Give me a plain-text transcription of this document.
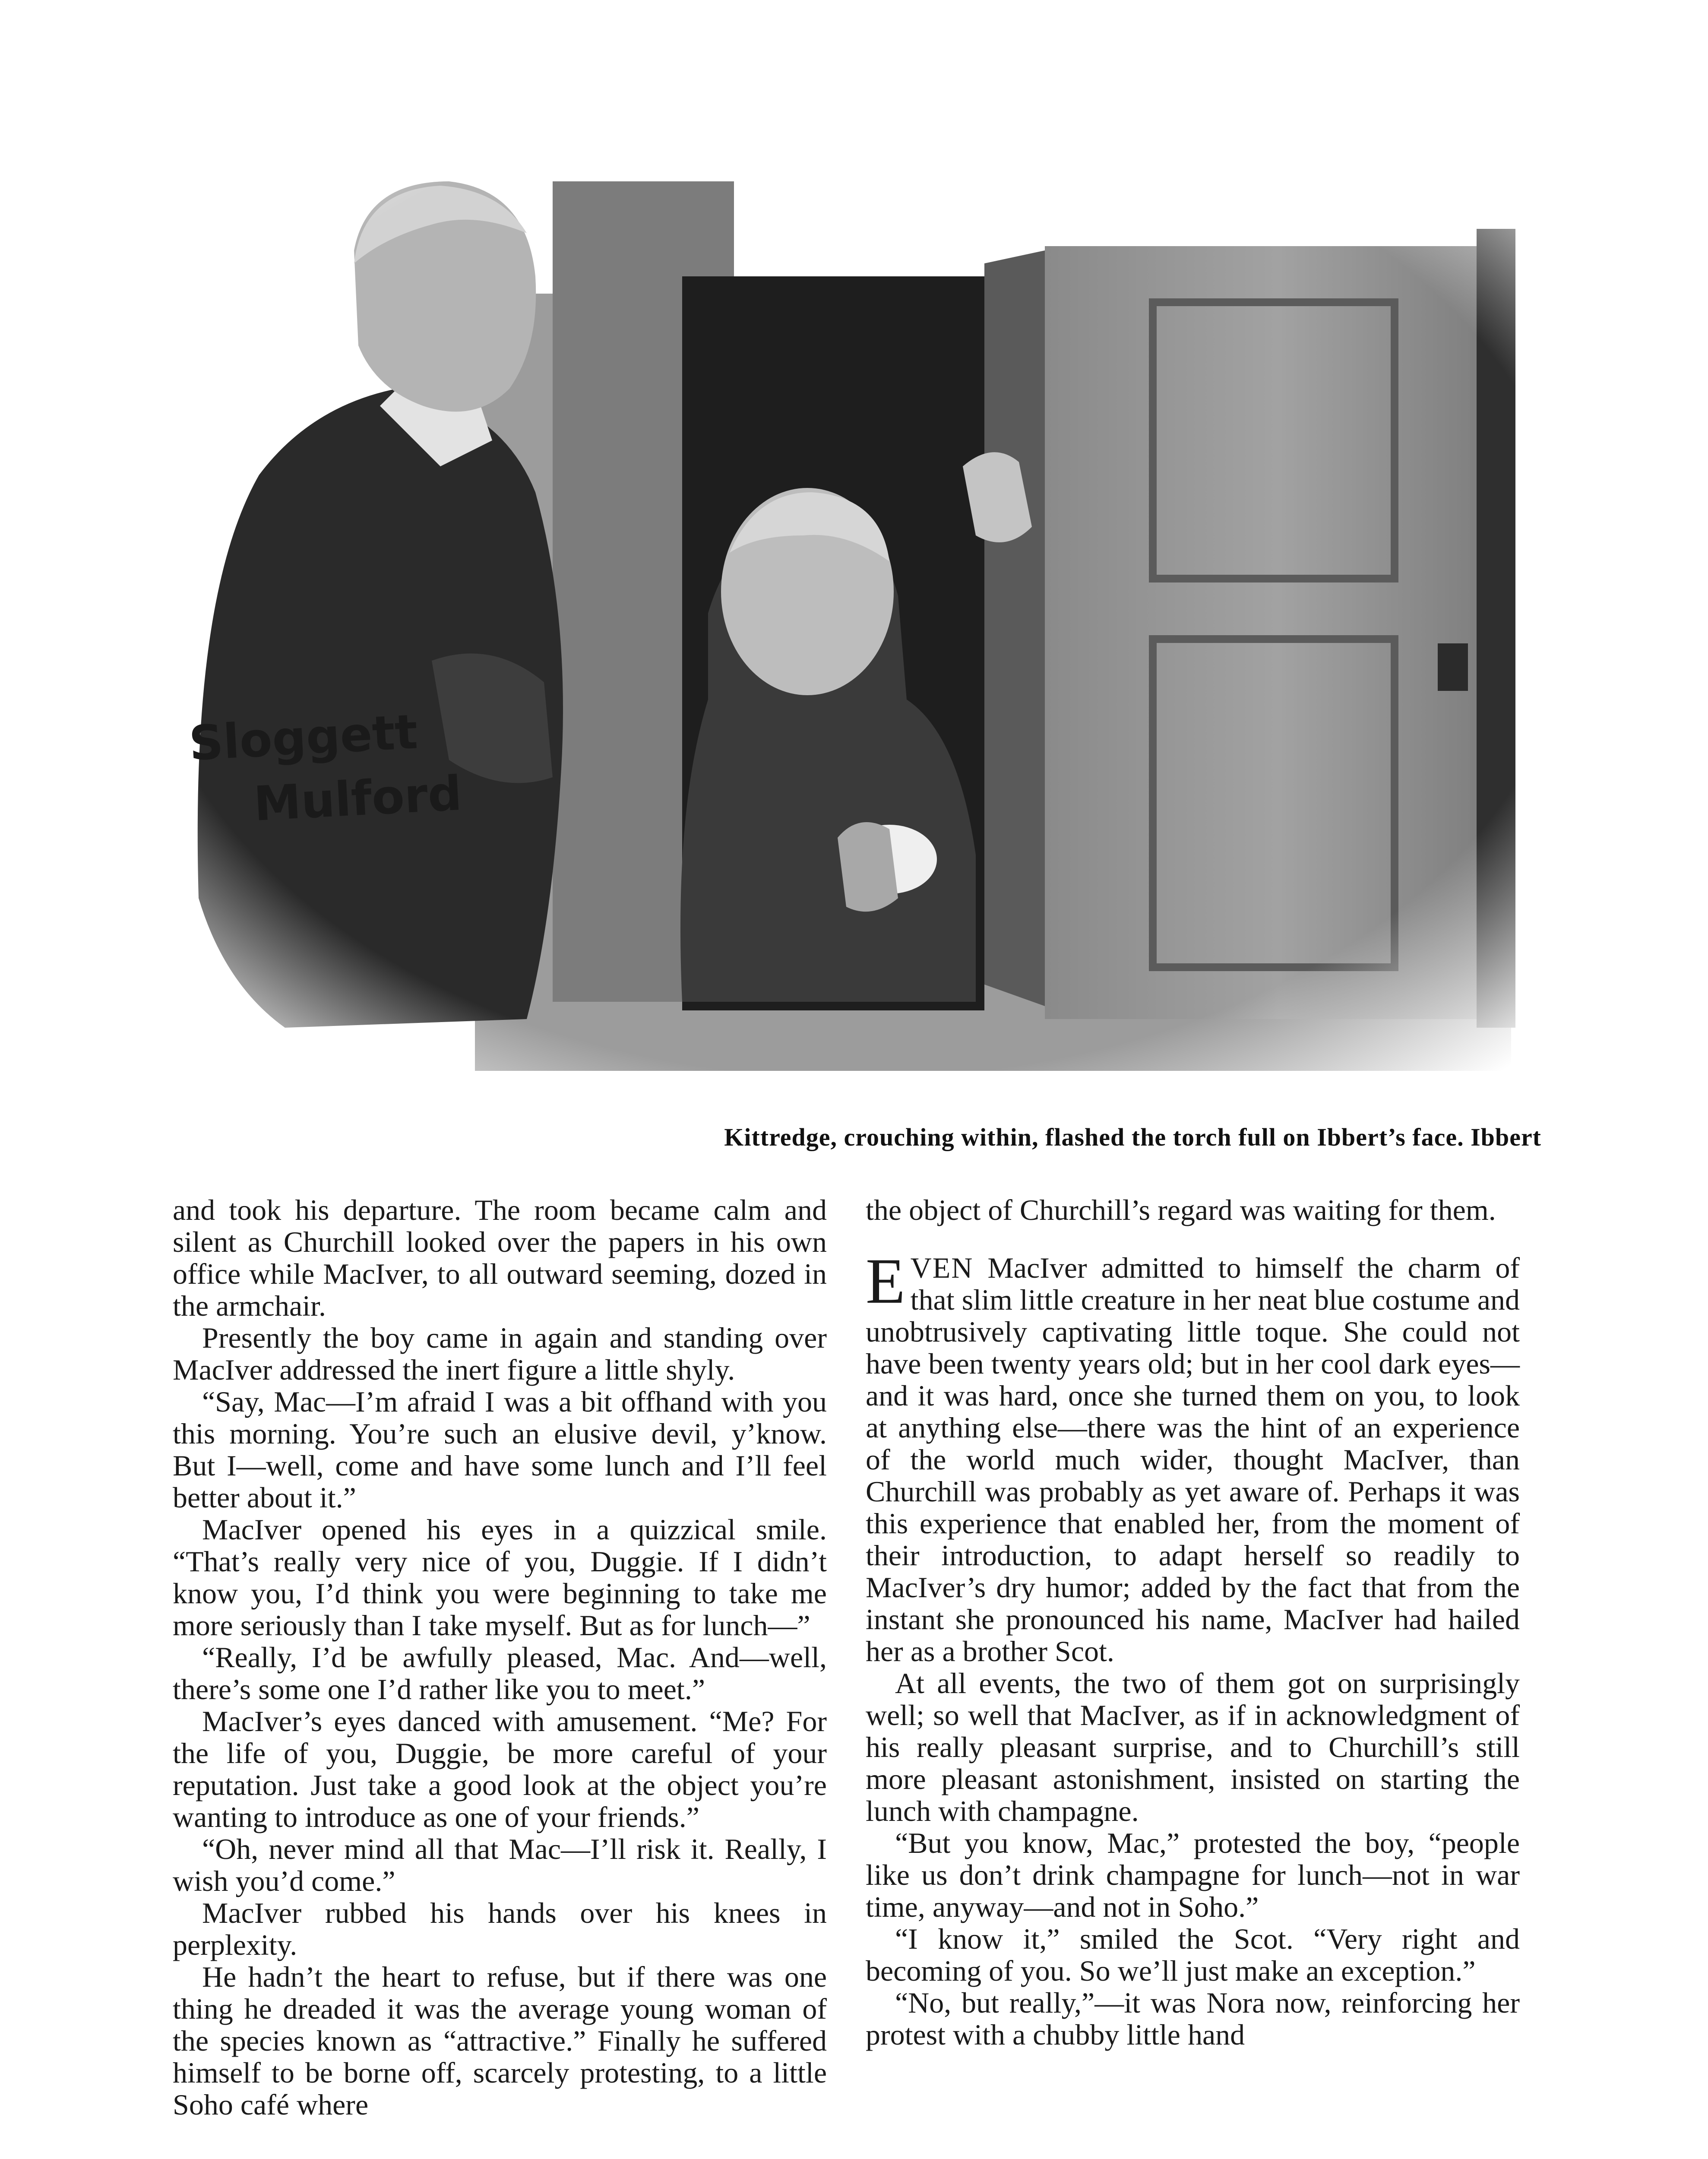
Kittredge, crouching within, flashed the torch full on Ibbert’s face. Ibbert

and took his departure. The room became calm and silent as Churchill looked over the papers in his own office while MacIver, to all outward seeming, dozed in the armchair.

Presently the boy came in again and standing over MacIver addressed the inert figure a little shyly.

“Say, Mac—I’m afraid I was a bit offhand with you this morning. You’re such an elusive devil, y’know. But I—well, come and have some lunch and I’ll feel better about it.”

MacIver opened his eyes in a quizzical smile. “That’s really very nice of you, Duggie. If I didn’t know you, I’d think you were beginning to take me more seriously than I take myself. But as for lunch—”

“Really, I’d be awfully pleased, Mac. And—well, there’s some one I’d rather like you to meet.”

MacIver’s eyes danced with amusement. “Me? For the life of you, Duggie, be more careful of your reputation. Just take a good look at the object you’re wanting to introduce as one of your friends.”

“Oh, never mind all that Mac—I’ll risk it. Really, I wish you’d come.”

MacIver rubbed his hands over his knees in perplexity.

He hadn’t the heart to refuse, but if there was one thing he dreaded it was the average young woman of the species known as “attractive.” Finally he suffered himself to be borne off, scarcely protesting, to a little Soho café where

the object of Churchill’s regard was waiting for them.

EVEN MacIver admitted to himself the charm of that slim little creature in her neat blue costume and unobtrusively captivating little toque. She could not have been twenty years old; but in her cool dark eyes—and it was hard, once she turned them on you, to look at anything else—there was the hint of an experience of the world much wider, thought MacIver, than Churchill was probably as yet aware of. Perhaps it was this experience that enabled her, from the moment of their introduction, to adapt herself so readily to MacIver’s dry humor; added by the fact that from the instant she pronounced his name, MacIver had hailed her as a brother Scot.

At all events, the two of them got on surprisingly well; so well that MacIver, as if in acknowledgment of his really pleasant surprise, and to Churchill’s still more pleasant astonishment, insisted on starting the lunch with champagne.

“But you know, Mac,” protested the boy, “people like us don’t drink champagne for lunch—not in war time, anyway—and not in Soho.”

“I know it,” smiled the Scot. “Very right and becoming of you. So we’ll just make an exception.”

“No, but really,”—it was Nora now, reinforcing her protest with a chubby little hand
